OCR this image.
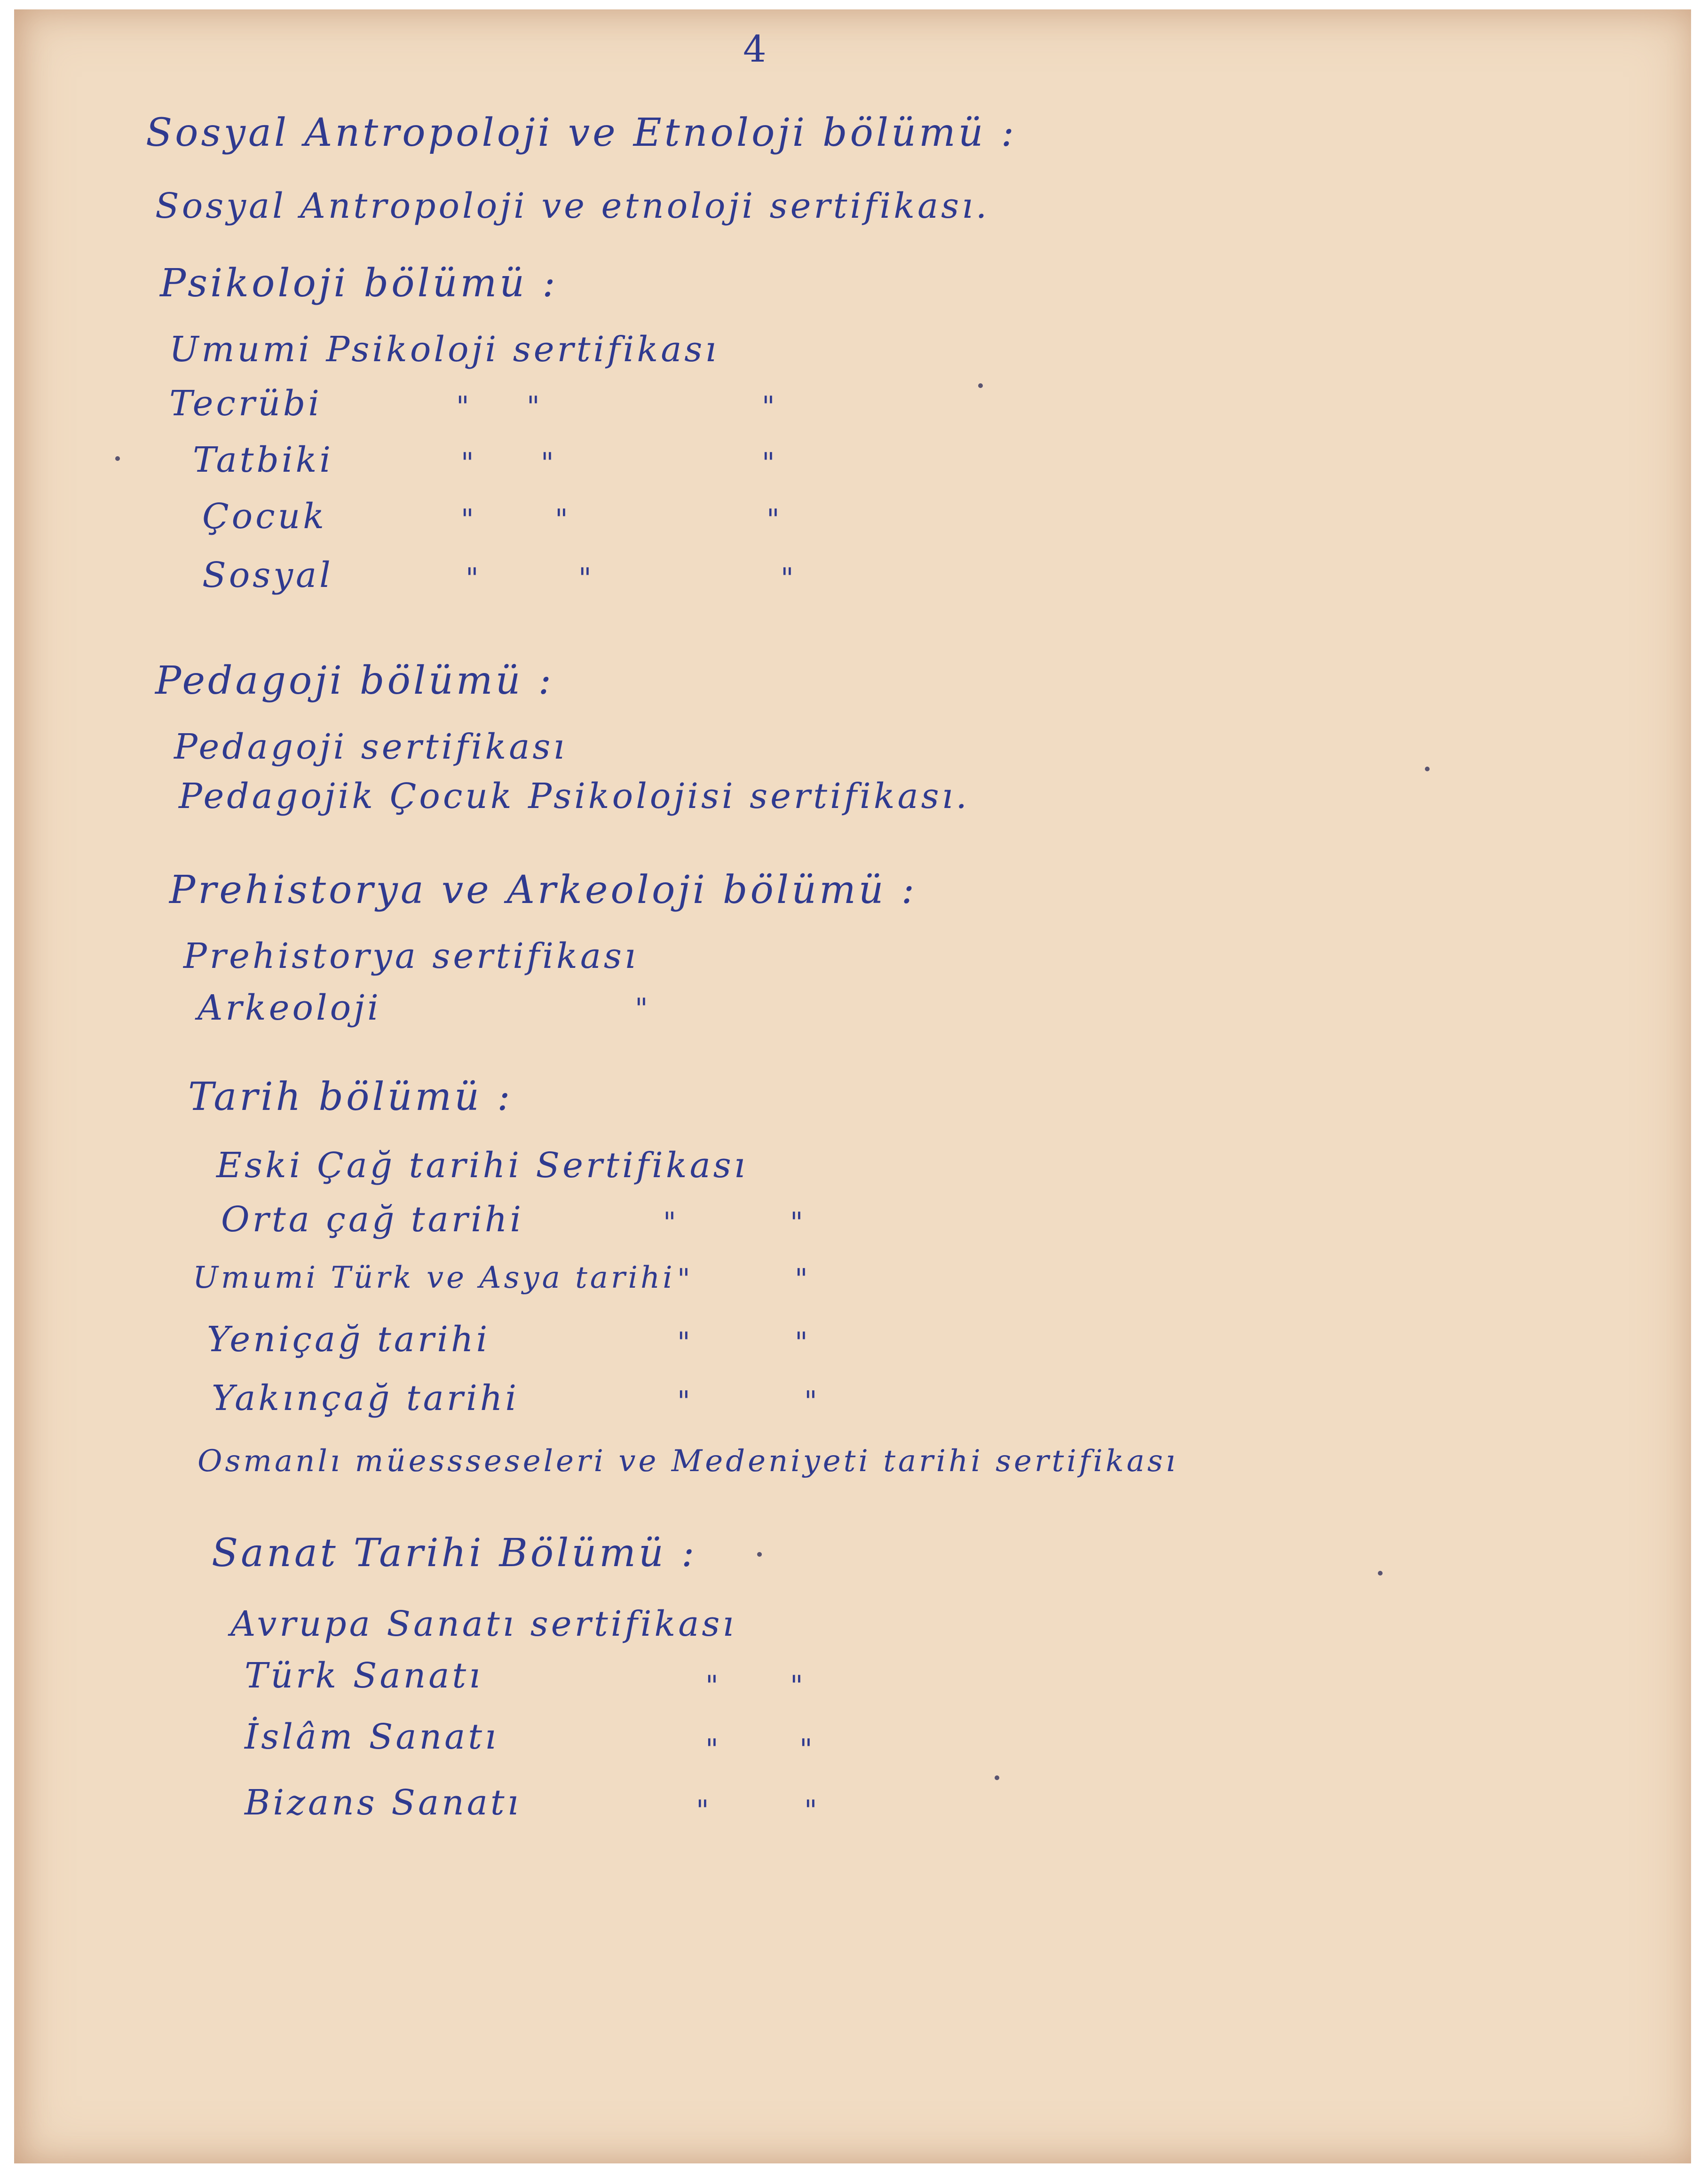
4
Sosyal Antropoloji ve Etnoloji bölümü :
Sosyal Antropoloji ve etnoloji sertifikası.
Psikoloji bölümü :
Umumi Psikoloji sertifikası
Tecrübi	" "	"
Tatbiki	" "	"
Çocuk	"	"	"
Sosyal	"	"	"
Pedagoji bölümü :
Pedagoji sertifikası
Pedagojik Çocuk Psikolojisi sertifikası.
Prehistorya ve Arkeoloji bölümü :
Prehistorya sertifikası
Arkeoloji	"
Tarih bölümü :
Eski Çağ tarihi Sertifikası
Orta çağ tarihi	"	"
Umumi Türk ve Asya tarihi "	"
Yeniçağ tarihi	"	"
Yakınçağ tarihi	"	"
Osmanlı müessseseleri ve Medeniyeti tarihi sertifikası
Sanat Tarihi Bölümü :
Avrupa Sanatı sertifikası
Türk Sanatı	"	"
İslâm Sanatı	"	"
Bizans Sanatı	"	"
